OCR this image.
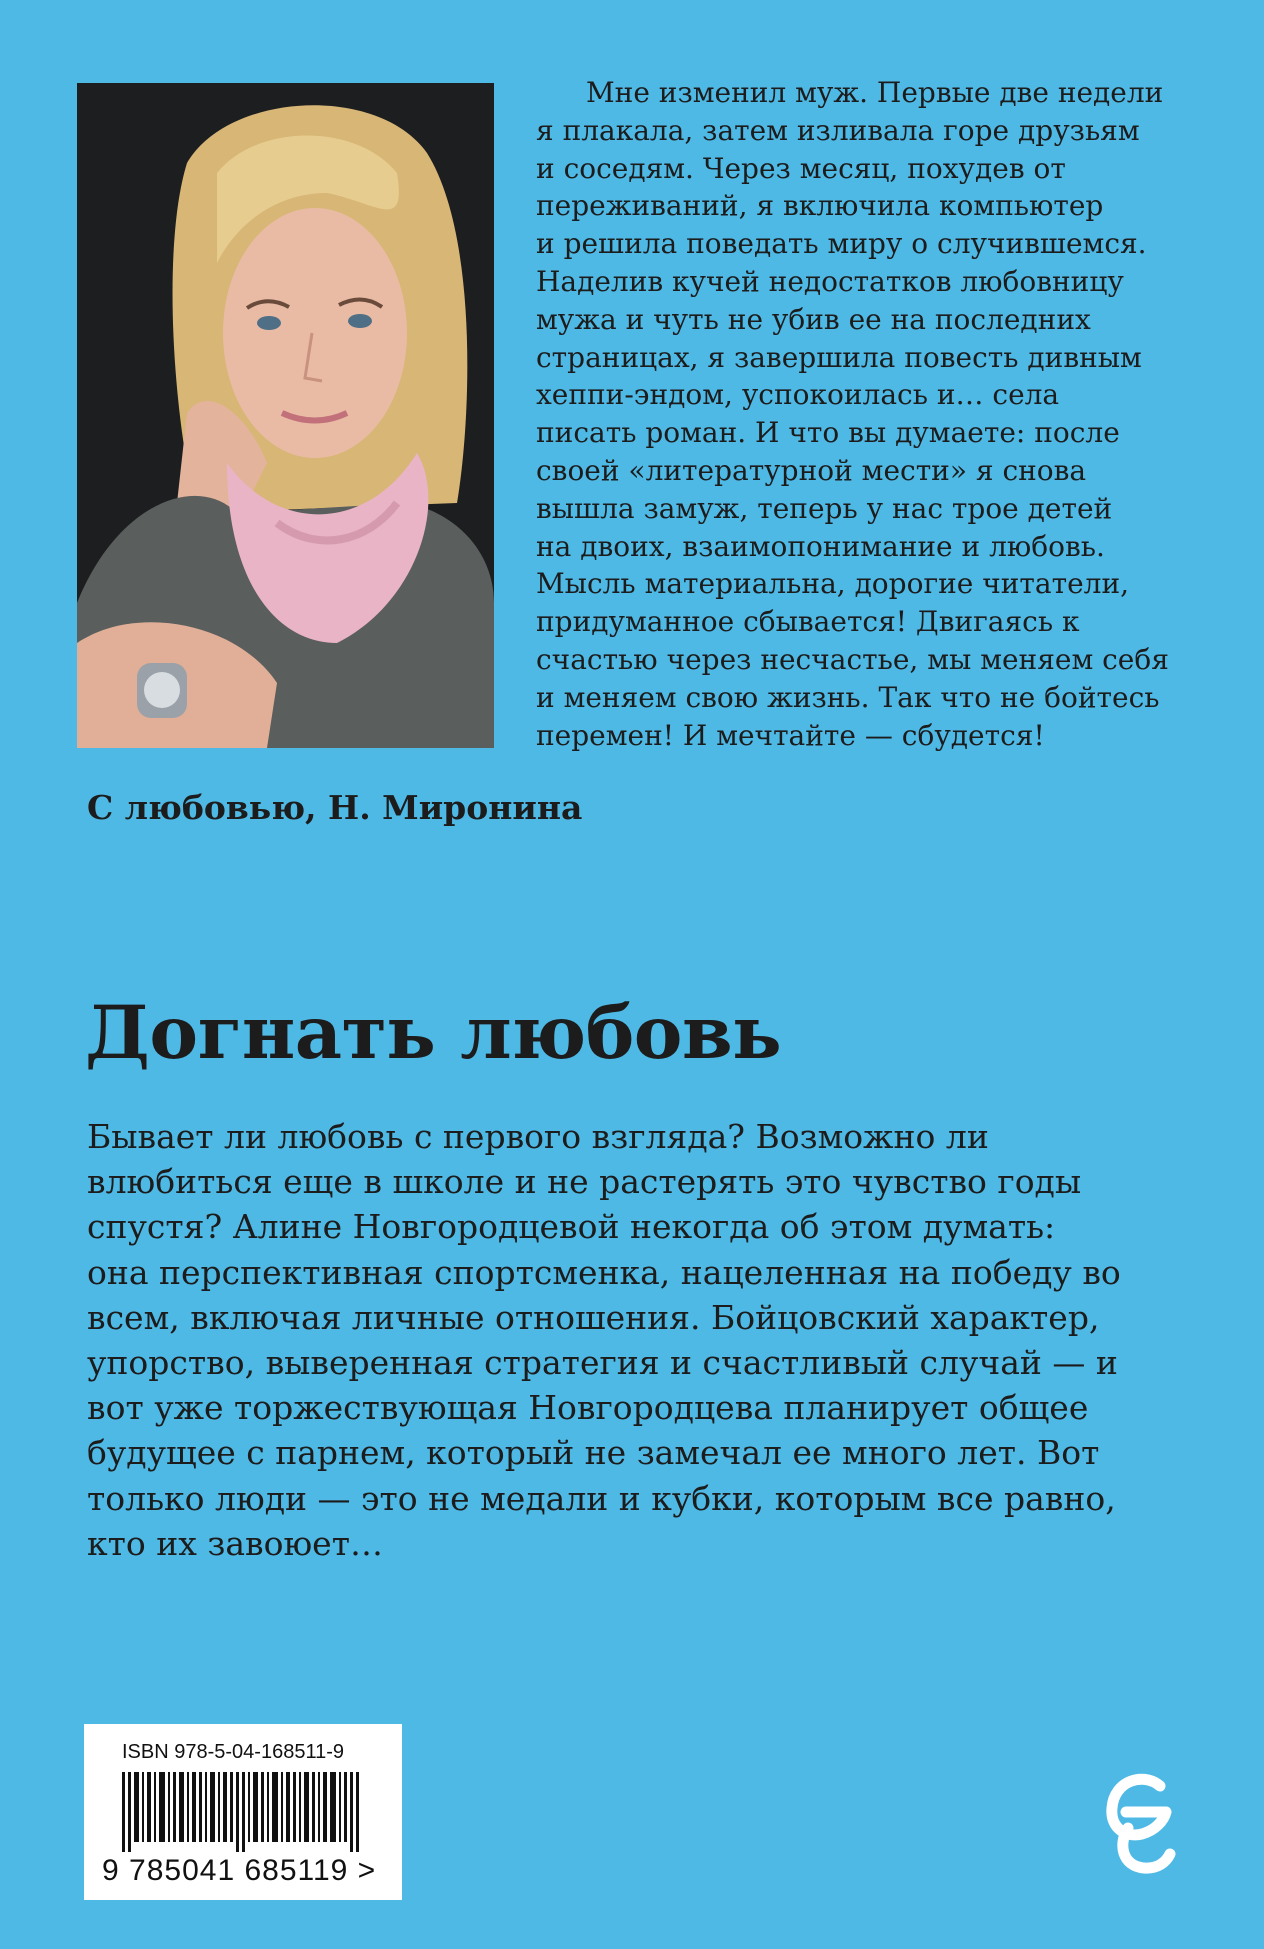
Мне изменил муж. Первые две недели
я плакала, затем изливала горе друзьям
и соседям. Через месяц, похудев от
переживаний, я включила компьютер
и решила поведать миру о случившемся.
Наделив кучей недостатков любовницу
мужа и чуть не убив ее на последних
страницах, я завершила повесть дивным
хеппи-эндом, успокоилась и… села
писать роман. И что вы думаете: после
своей «литературной мести» я снова
вышла замуж, теперь у нас трое детей
на двоих, взаимопонимание и любовь.
Мысль материальна, дорогие читатели,
придуманное сбывается! Двигаясь к
счастью через несчастье, мы меняем себя
и меняем свою жизнь. Так что не бойтесь
перемен! И мечтайте — сбудется!

С любовью, Н. Миронина

Догнать любовь

Бывает ли любовь с первого взгляда? Возможно ли
влюбиться еще в школе и не растерять это чувство годы
спустя? Алине Новгородцевой некогда об этом думать:
она перспективная спортсменка, нацеленная на победу во
всем, включая личные отношения. Бойцовский характер,
упорство, выверенная стратегия и счастливый случай — и
вот уже торжествующая Новгородцева планирует общее
будущее с парнем, который не замечал ее много лет. Вот
только люди — это не медали и кубки, которым все равно,
кто их завоюет…

ISBN 978-5-04-168511-9
9 785041 685119 >
